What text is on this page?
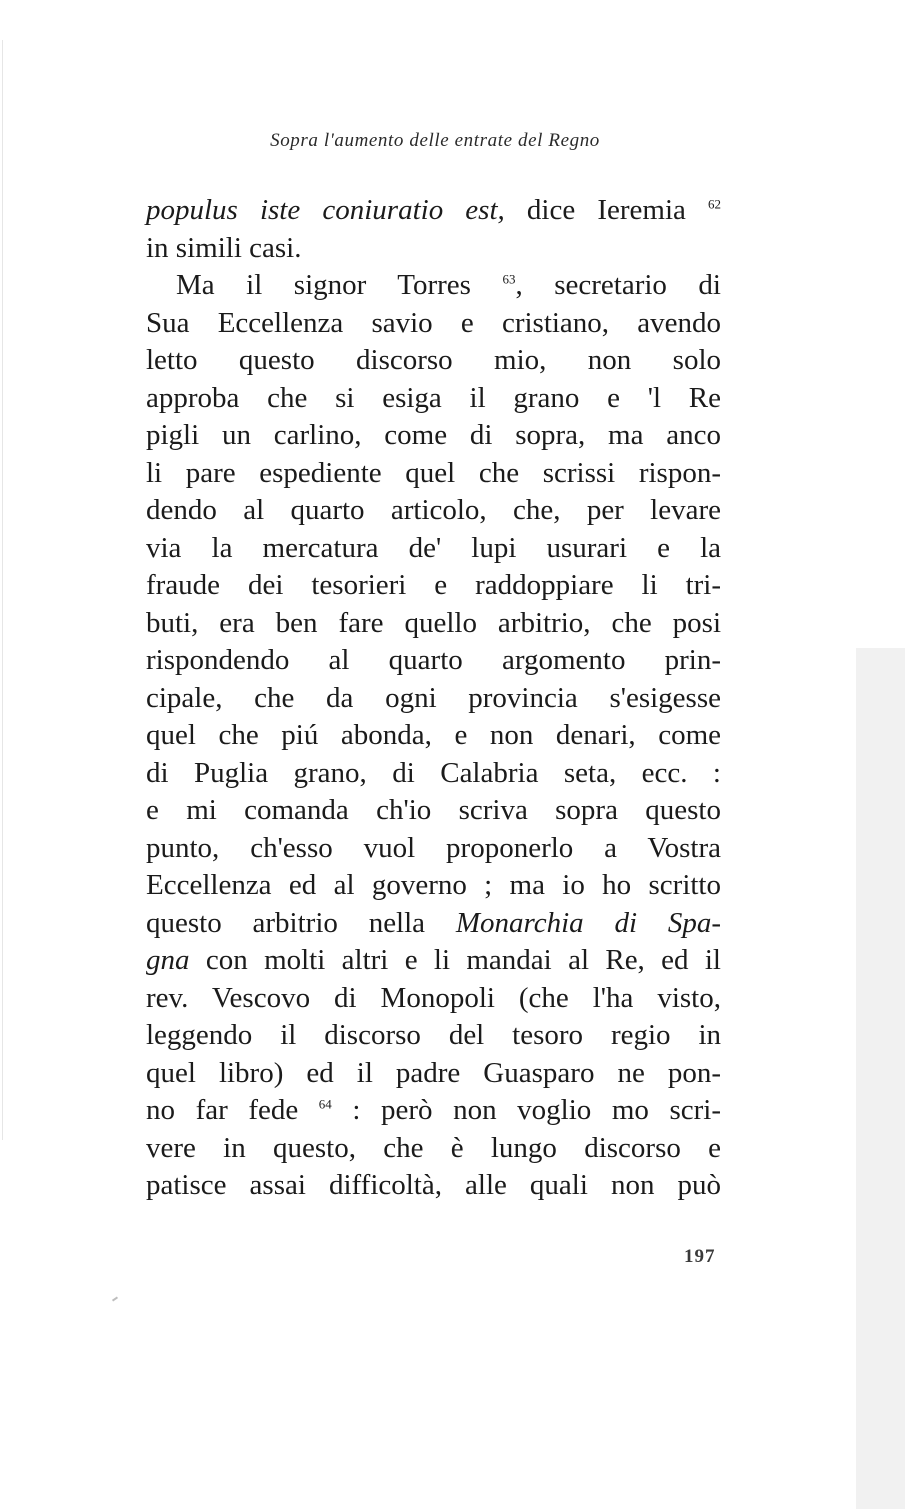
Sopra l'aumento delle entrate del Regno
populus iste coniuratio est, dice Ieremia $^{62}$
in simili casi.
Ma il signor Torres $^{63}$, secretario di
Sua Eccellenza savio e cristiano, avendo
letto questo discorso mio, non solo
approba che si esiga il grano e 'l Re
pigli un carlino, come di sopra, ma anco
li pare espediente quel che scrissi rispon-
dendo al quarto articolo, che, per levare
via la mercatura de' lupi usurari e la
fraude dei tesorieri e raddoppiare li tri-
buti, era ben fare quello arbitrio, che posi
rispondendo al quarto argomento prin-
cipale, che da ogni provincia s'esigesse
quel che piú abonda, e non denari, come
di Puglia grano, di Calabria seta, ecc. :
e mi comanda ch'io scriva sopra questo
punto, ch'esso vuol proponerlo a Vostra
Eccellenza ed al governo ; ma io ho scritto
questo arbitrio nella Monarchia di Spa-
gna con molti altri e li mandai al Re, ed il
rev. Vescovo di Monopoli (che l'ha visto,
leggendo il discorso del tesoro regio in
quel libro) ed il padre Guasparo ne pon-
no far fede $^{64}$ : però non voglio mo scri-
vere in questo, che è lungo discorso e
patisce assai difficoltà, alle quali non può
197
